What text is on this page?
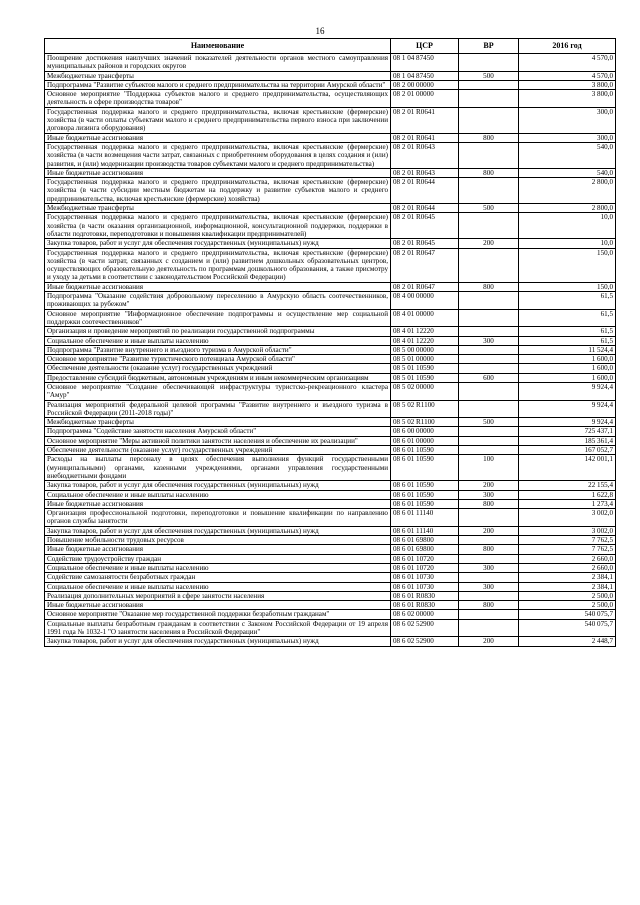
16
Наименование	ЦСР	ВР	2016 год
Поощрение достижения наилучших значений показателей деятельности органов местного самоуправления муниципальных районов и городских округов	08 1 04 87450		4 570,0
Межбюджетные трансферты	08 1 04 87450	500	4 570,0
Подпрограмма "Развитие субъектов малого и среднего предпринимательства на территории Амурской области"	08 2 00 00000		3 800,0
Основное мероприятие "Поддержка субъектов малого и среднего предпринимательства, осуществляющих деятельность в сфере производства товаров"	08 2 01 00000		3 800,0
Государственная поддержка малого и среднего предпринимательства, включая крестьянские (фермерские) хозяйства (в части оплаты субъектами малого и среднего предпринимательства первого взноса при заключении договора лизинга оборудования)	08 2 01 R0641		300,0
Иные бюджетные ассигнования	08 2 01 R0641	800	300,0
Государственная поддержка малого и среднего предпринимательства, включая крестьянские (фермерские) хозяйства (в части возмещения части затрат, связанных с приобретением оборудования в целях создания и (или) развития, и (или) модернизации производства товаров субъектами малого и среднего предпринимательства)	08 2 01 R0643		540,0
Иные бюджетные ассигнования	08 2 01 R0643	800	540,0
Государственная поддержка малого и среднего предпринимательства, включая крестьянские (фермерские) хозяйства (в части субсидии местным бюджетам на поддержку и развитие субъектов малого и среднего предпринимательства, включая крестьянские (фермерские) хозяйства)	08 2 01 R0644		2 800,0
Межбюджетные трансферты	08 2 01 R0644	500	2 800,0
Государственная поддержка малого и среднего предпринимательства, включая крестьянские (фермерские) хозяйства (в части оказания организационной, информационной, консультационной поддержки, поддержки в области подготовки, переподготовки и повышения квалификации предпринимателей)	08 2 01 R0645		10,0
Закупка товаров, работ и услуг для обеспечения государственных (муниципальных) нужд	08 2 01 R0645	200	10,0
Государственная поддержка малого и среднего предпринимательства, включая крестьянские (фермерские) хозяйства (в части затрат, связанных с созданием и (или) развитием дошкольных образовательных центров, осуществляющих образовательную деятельность по программам дошкольного образования, а также присмотру и уходу за детьми в соответствии с законодательством Российской Федерации)	08 2 01 R0647		150,0
Иные бюджетные ассигнования	08 2 01 R0647	800	150,0
Подпрограмма "Оказание содействия добровольному переселению в Амурскую область соотечественников, проживающих за рубежом"	08 4 00 00000		61,5
Основное мероприятие "Информационное обеспечение подпрограммы и осуществление мер социальной поддержки соотечественников"	08 4 01 00000		61,5
Организация и проведение мероприятий по реализации государственной подпрограммы	08 4 01 12220		61,5
Социальное обеспечение и иные выплаты населению	08 4 01 12220	300	61,5
Подпрограмма "Развитие внутреннего и въездного туризма в Амурской области"	08 5 00 00000		11 524,4
Основное мероприятие "Развитие туристического потенциала Амурской области"	08 5 01 00000		1 600,0
Обеспечение деятельности (оказание услуг) государственных учреждений	08 5 01 10590		1 600,0
Предоставление субсидий бюджетным, автономным учреждениям и иным некоммерческим организациям	08 5 01 10590	600	1 600,0
Основное мероприятие "Создание обеспечивающей инфраструктуры туристско-рекреационного кластера "Амур"	08 5 02 00000		9 924,4
Реализация мероприятий федеральной целевой программы "Развитие внутреннего и въездного туризма в Российской Федерации (2011-2018 годы)"	08 5 02 R1100		9 924,4
Межбюджетные трансферты	08 5 02 R1100	500	9 924,4
Подпрограмма "Содействие занятости населения Амурской области"	08 6 00 00000		725 437,1
Основное мероприятие "Меры активной политики занятости населения и обеспечение их реализации"	08 6 01 00000		185 361,4
Обеспечение деятельности (оказание услуг) государственных учреждений	08 6 01 10590		167 052,7
Расходы на выплаты персоналу в целях обеспечения выполнения функций государственными (муниципальными) органами, казенными учреждениями, органами управления государственными внебюджетными фондами	08 6 01 10590	100	142 001,1
Закупка товаров, работ и услуг для обеспечения государственных (муниципальных) нужд	08 6 01 10590	200	22 155,4
Социальное обеспечение и иные выплаты населению	08 6 01 10590	300	1 622,8
Иные бюджетные ассигнования	08 6 01 10590	800	1 273,4
Организация профессиональной подготовки, переподготовки и повышение квалификации по направлению органов службы занятости	08 6 01 11140		3 002,0
Закупка товаров, работ и услуг для обеспечения государственных (муниципальных) нужд	08 6 01 11140	200	3 002,0
Повышение мобильности трудовых ресурсов	08 6 01 69800		7 762,5
Иные бюджетные ассигнования	08 6 01 69800	800	7 762,5
Содействие трудоустройству граждан	08 6 01 10720		2 660,0
Социальное обеспечение и иные выплаты населению	08 6 01 10720	300	2 660,0
Содействие самозанятости безработных граждан	08 6 01 10730		2 384,1
Социальное обеспечение и иные выплаты населению	08 6 01 10730	300	2 384,1
Реализация дополнительных мероприятий в сфере занятости населения	08 6 01 R0830		2 500,0
Иные бюджетные ассигнования	08 6 01 R0830	800	2 500,0
Основное мероприятие "Оказание мер государственной поддержки безработным гражданам"	08 6 02 00000		540 075,7
Социальные выплаты безработным гражданам в соответствии с Законом Российской Федерации от 19 апреля 1991 года № 1032-1 "О занятости населения в Российской Федерации"	08 6 02 52900		540 075,7
Закупка товаров, работ и услуг для обеспечения государственных (муниципальных) нужд	08 6 02 52900	200	2 448,7
